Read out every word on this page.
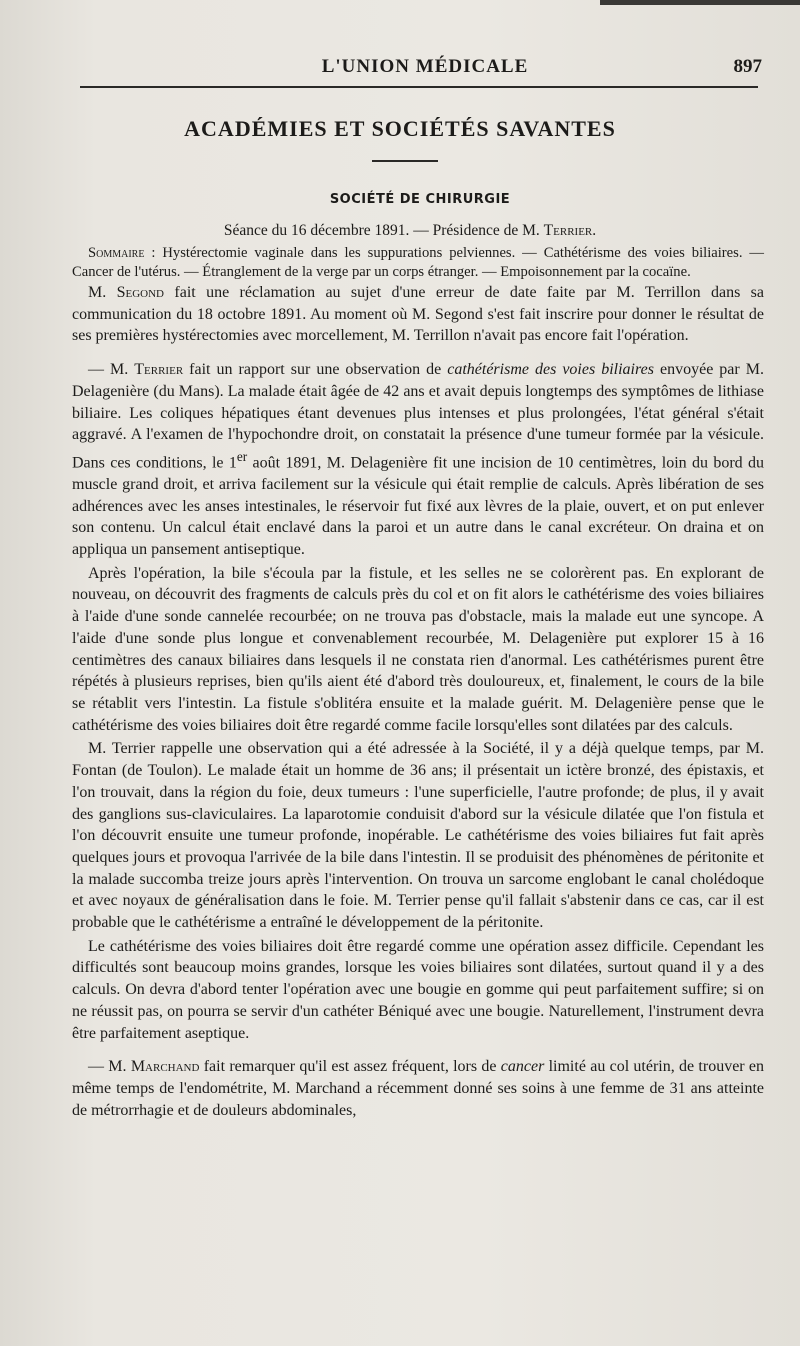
L'UNION MÉDICALE	897
ACADÉMIES ET SOCIÉTÉS SAVANTES
SOCIÉTÉ DE CHIRURGIE
Séance du 16 décembre 1891. — Présidence de M. Terrier.

Sommaire : Hystérectomie vaginale dans les suppurations pelviennes. — Cathétérisme des voies biliaires. — Cancer de l'utérus. — Étranglement de la verge par un corps étranger. — Empoisonnement par la cocaïne.

M. Segond fait une réclamation au sujet d'une erreur de date faite par M. Terrillon dans sa communication du 18 octobre 1891. Au moment où M. Segond s'est fait inscrire pour donner le résultat de ses premières hystérectomies avec morcellement, M. Terrillon n'avait pas encore fait l'opération.

— M. Terrier fait un rapport sur une observation de cathétérisme des voies biliaires envoyée par M. Delagenière (du Mans). La malade était âgée de 42 ans et avait depuis longtemps des symptômes de lithiase biliaire. Les coliques hépatiques étant devenues plus intenses et plus prolongées, l'état général s'était aggravé. A l'examen de l'hypochondre droit, on constatait la présence d'une tumeur formée par la vésicule. Dans ces conditions, le 1er août 1891, M. Delagenière fit une incision de 10 centimètres, loin du bord du muscle grand droit, et arriva facilement sur la vésicule qui était remplie de calculs. Après libération de ses adhérences avec les anses intestinales, le réservoir fut fixé aux lèvres de la plaie, ouvert, et on put enlever son contenu. Un calcul était enclavé dans la paroi et un autre dans le canal excréteur. On draina et on appliqua un pansement antiseptique.

Après l'opération, la bile s'écoula par la fistule, et les selles ne se colorèrent pas. En explorant de nouveau, on découvrit des fragments de calculs près du col et on fit alors le cathétérisme des voies biliaires à l'aide d'une sonde cannelée recourbée; on ne trouva pas d'obstacle, mais la malade eut une syncope. A l'aide d'une sonde plus longue et convenablement recourbée, M. Delagenière put explorer 15 à 16 centimètres des canaux biliaires dans lesquels il ne constata rien d'anormal. Les cathétérismes purent être répétés à plusieurs reprises, bien qu'ils aient été d'abord très douloureux, et, finalement, le cours de la bile se rétablit vers l'intestin. La fistule s'oblitéra ensuite et la malade guérit. M. Delagenière pense que le cathétérisme des voies biliaires doit être regardé comme facile lorsqu'elles sont dilatées par des calculs.

M. Terrier rappelle une observation qui a été adressée à la Société, il y a déjà quelque temps, par M. Fontan (de Toulon). Le malade était un homme de 36 ans; il présentait un ictère bronzé, des épistaxis, et l'on trouvait, dans la région du foie, deux tumeurs : l'une superficielle, l'autre profonde; de plus, il y avait des ganglions sus-claviculaires. La laparotomie conduisit d'abord sur la vésicule dilatée que l'on fistula et l'on découvrit ensuite une tumeur profonde, inopérable. Le cathétérisme des voies biliaires fut fait après quelques jours et provoqua l'arrivée de la bile dans l'intestin. Il se produisit des phénomènes de péritonite et la malade succomba treize jours après l'intervention. On trouva un sarcome englobant le canal cholédoque et avec noyaux de généralisation dans le foie. M. Terrier pense qu'il fallait s'abstenir dans ce cas, car il est probable que le cathétérisme a entraîné le développement de la péritonite.

Le cathétérisme des voies biliaires doit être regardé comme une opération assez difficile. Cependant les difficultés sont beaucoup moins grandes, lorsque les voies biliaires sont dilatées, surtout quand il y a des calculs. On devra d'abord tenter l'opération avec une bougie en gomme qui peut parfaitement suffire; si on ne réussit pas, on pourra se servir d'un cathéter Béniqué avec une bougie. Naturellement, l'instrument devra être parfaitement aseptique.

— M. Marchand fait remarquer qu'il est assez fréquent, lors de cancer limité au col utérin, de trouver en même temps de l'endométrite, M. Marchand a récemment donné ses soins à une femme de 31 ans atteinte de métrorrhagie et de douleurs abdominales,
